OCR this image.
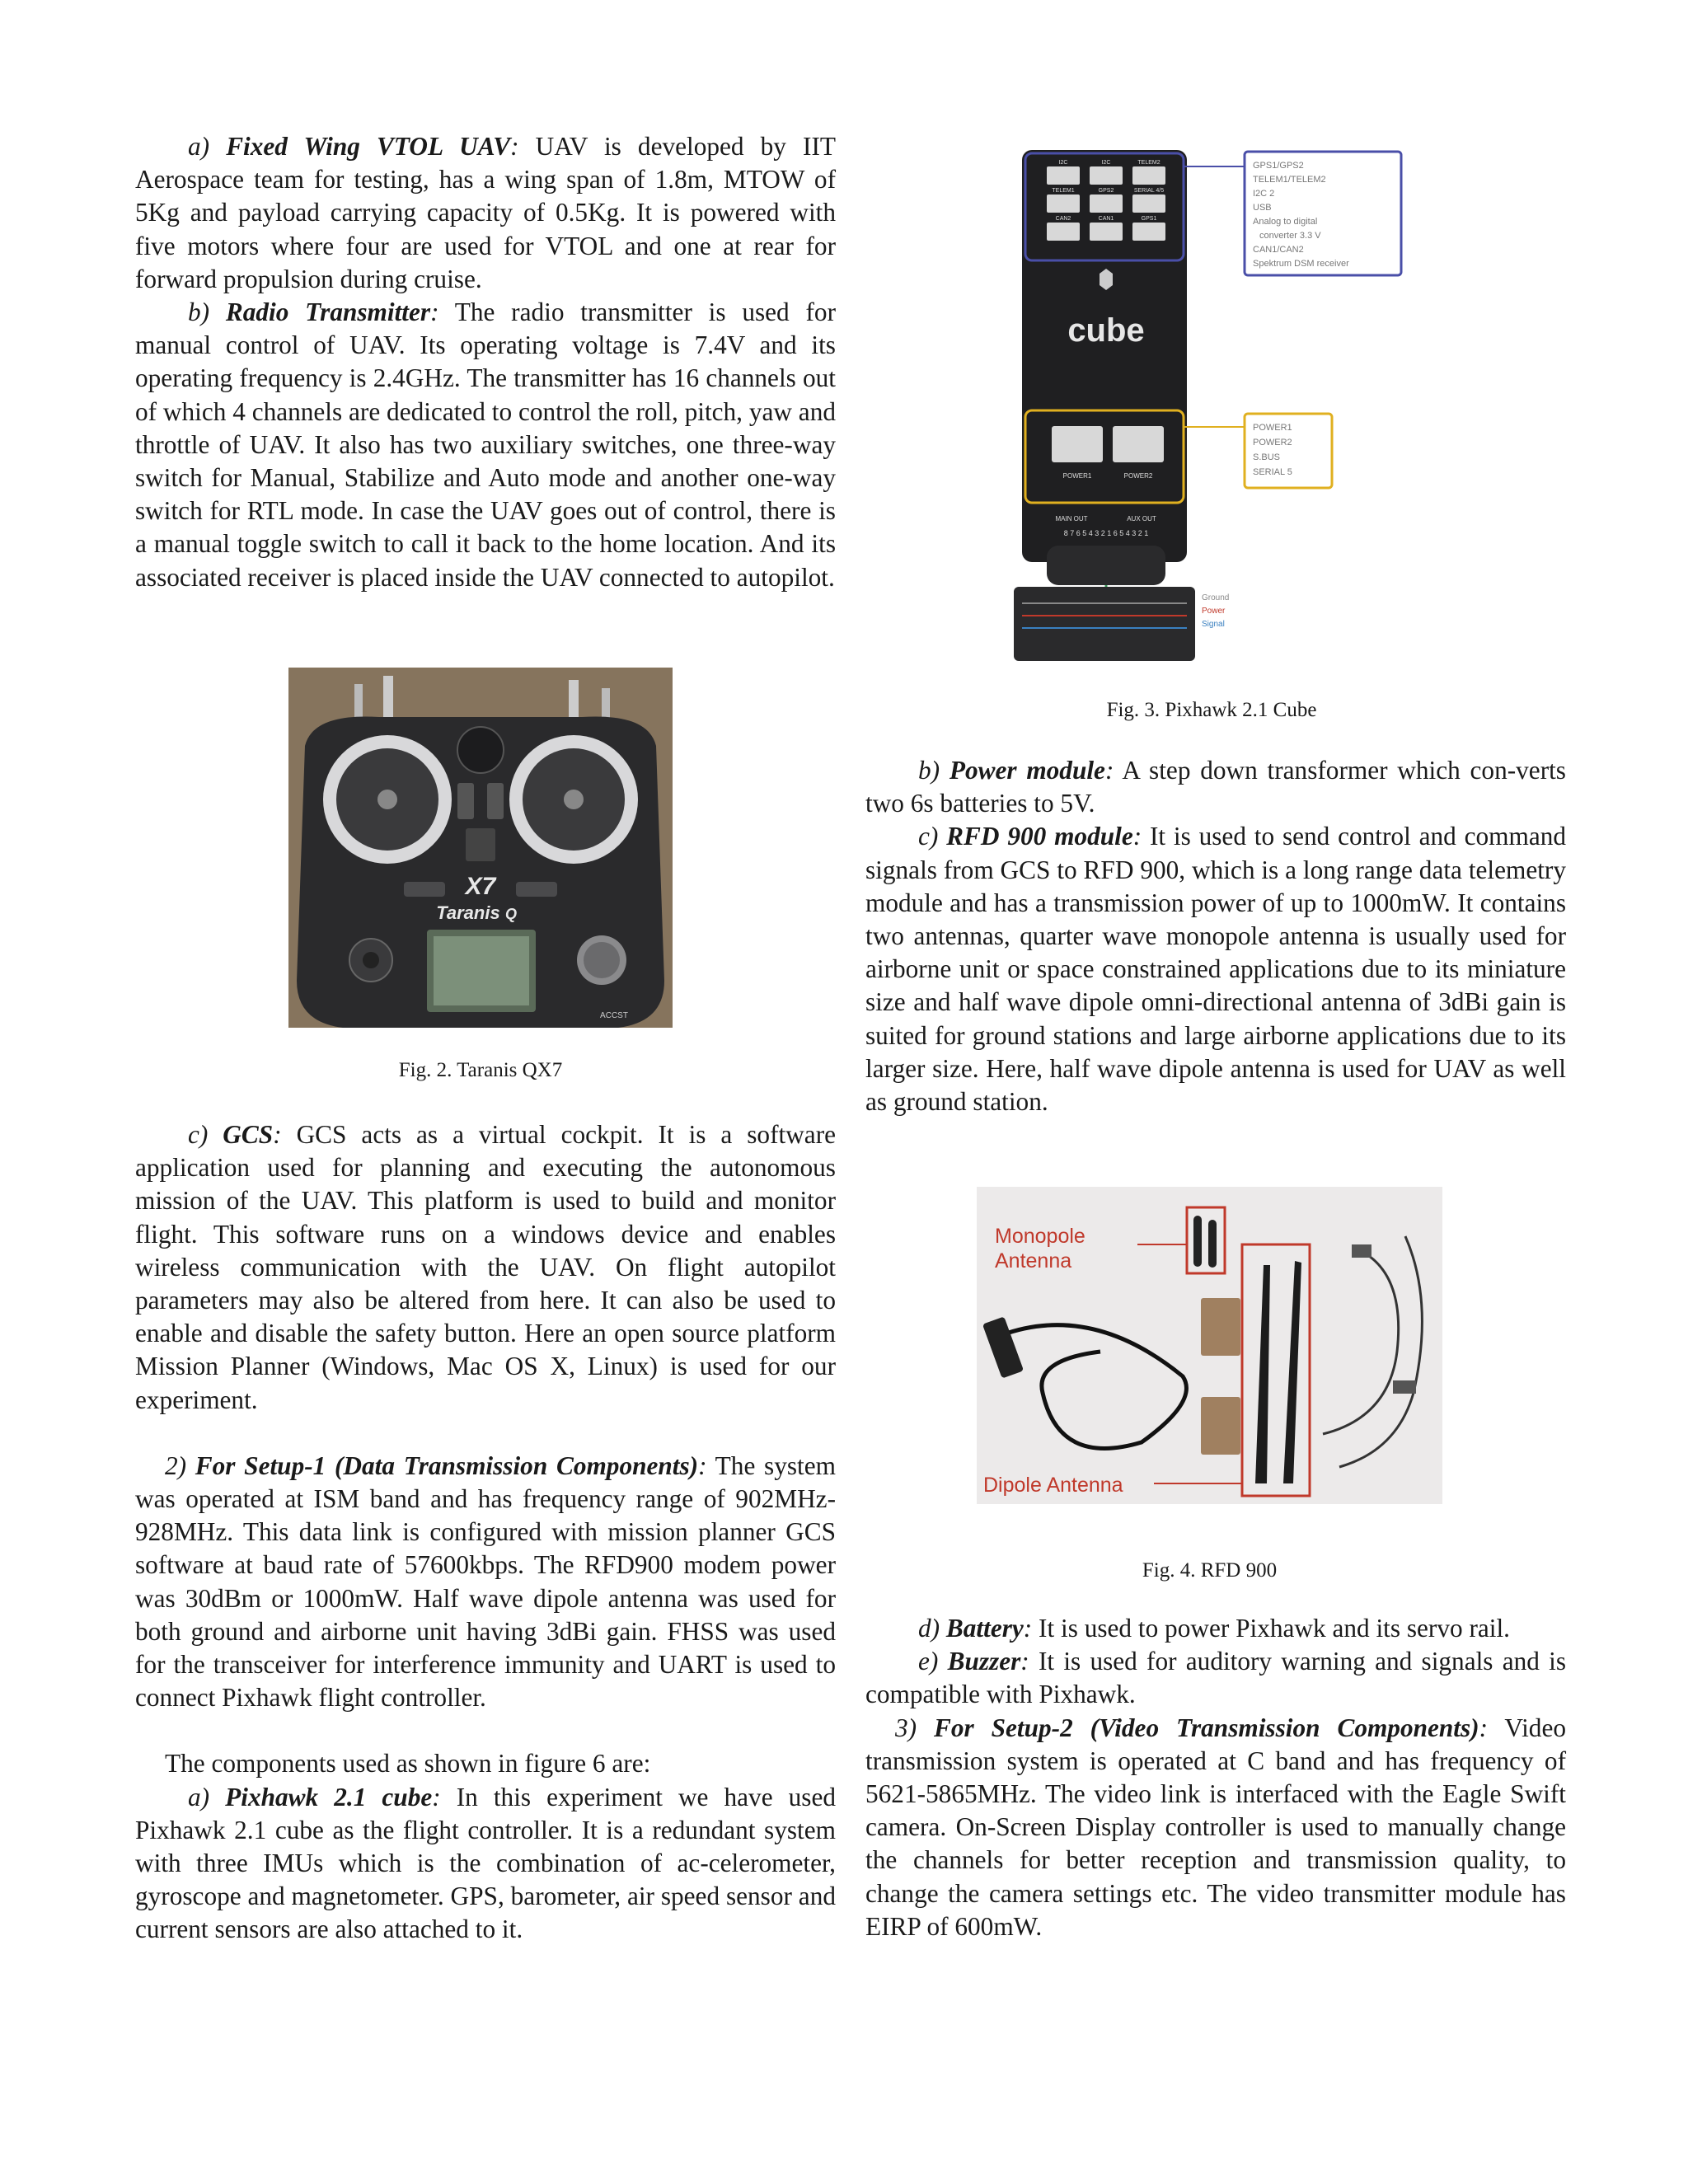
a) Fixed Wing VTOL UAV: UAV is developed by IIT Aerospace team for testing, has a wing span of 1.8m, MTOW of 5Kg and payload carrying capacity of 0.5Kg. It is powered with five motors where four are used for VTOL and one at rear for forward propulsion during cruise.

b) Radio Transmitter: The radio transmitter is used for manual control of UAV. Its operating voltage is 7.4V and its operating frequency is 2.4GHz. The transmitter has 16 channels out of which 4 channels are dedicated to control the roll, pitch, yaw and throttle of UAV. It also has two auxiliary switches, one three-way switch for Manual, Stabilize and Auto mode and another one-way switch for RTL mode. In case the UAV goes out of control, there is a manual toggle switch to call it back to the home location. And its associated receiver is placed inside the UAV connected to autopilot.

X7
Taranis Q
ACCST
Fig. 2. Taranis QX7

c) GCS: GCS acts as a virtual cockpit. It is a software application used for planning and executing the autonomous mission of the UAV. This platform is used to build and monitor flight. This software runs on a windows device and enables wireless communication with the UAV. On flight autopilot parameters may also be altered from here. It can also be used to enable and disable the safety button. Here an open source platform Mission Planner (Windows, Mac OS X, Linux) is used for our experiment.

2) For Setup-1 (Data Transmission Components): The system was operated at ISM band and has frequency range of 902MHz-928MHz. This data link is configured with mission planner GCS software at baud rate of 57600kbps. The RFD900 modem power was 30dBm or 1000mW. Half wave dipole antenna was used for both ground and airborne unit having 3dBi gain. FHSS was used for the transceiver for interference immunity and UART is used to connect Pixhawk flight controller.

The components used as shown in figure 6 are:

a) Pixhawk 2.1 cube: In this experiment we have used Pixhawk 2.1 cube as the flight controller. It is a redundant system with three IMUs which is the combination of ac-celerometer, gyroscope and magnetometer. GPS, barometer, air speed sensor and current sensors are also attached to it.

I2C	I2C	TELEM2
TELEM1	GPS2	SERIAL 4/5
CAN2	CAN1	GPS1
cube
POWER1	POWER2
MAIN OUT	AUX OUT
8 7 6 5 4 3 2 1 6 5 4 3 2 1
GPS1/GPS2
TELEM1/TELEM2
I2C 2
USB
Analog to digital
converter 3.3 V
CAN1/CAN2
Spektrum DSM receiver
POWER1
POWER2
S.BUS
SERIAL 5
Ground
Power
Signal
Fig. 3. Pixhawk 2.1 Cube

b) Power module: A step down transformer which con-verts two 6s batteries to 5V.

c) RFD 900 module: It is used to send control and command signals from GCS to RFD 900, which is a long range data telemetry module and has a transmission power of up to 1000mW. It contains two antennas, quarter wave monopole antenna is usually used for airborne unit or space constrained applications due to its miniature size and half wave dipole omni-directional antenna of 3dBi gain is suited for ground stations and large airborne applications due to its larger size. Here, half wave dipole antenna is used for UAV as well as ground station.

Monopole
Antenna
Dipole Antenna
Fig. 4. RFD 900

d) Battery: It is used to power Pixhawk and its servo rail.

e) Buzzer: It is used for auditory warning and signals and is compatible with Pixhawk.

3) For Setup-2 (Video Transmission Components): Video transmission system is operated at C band and has frequency of 5621-5865MHz. The video link is interfaced with the Eagle Swift camera. On-Screen Display controller is used to manually change the channels for better reception and transmission quality, to change the camera settings etc. The video transmitter module has EIRP of 600mW.
